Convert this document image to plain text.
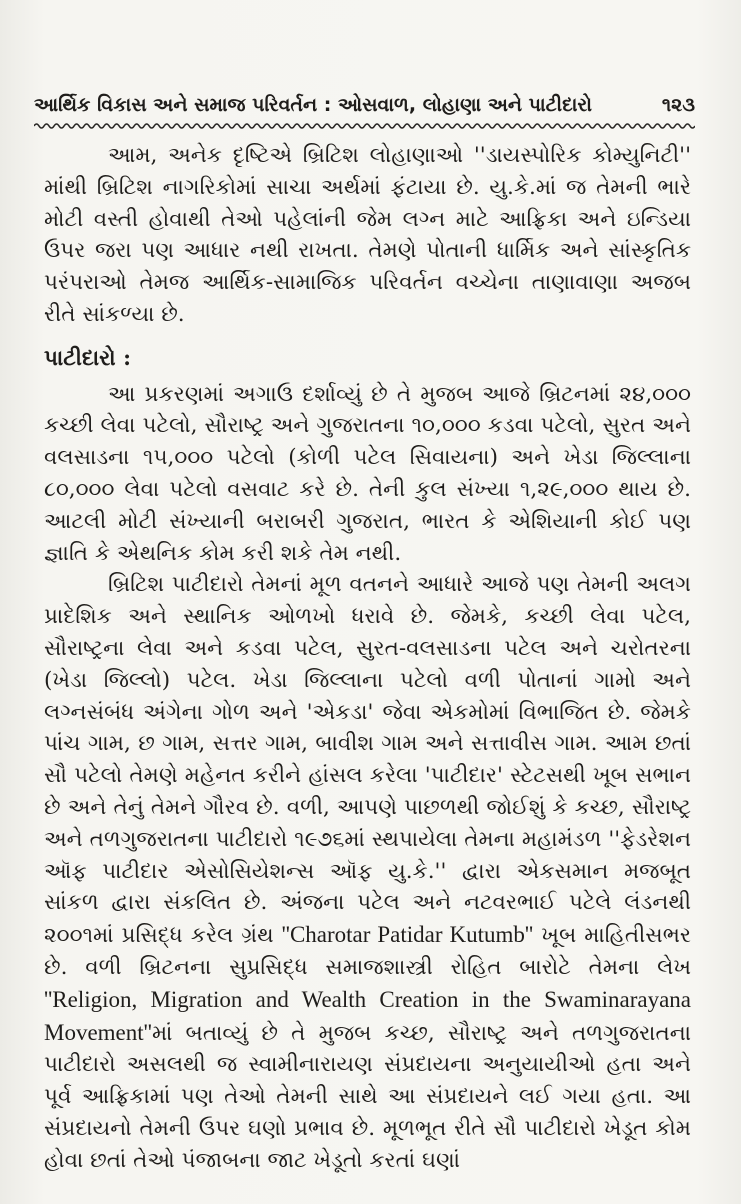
આર્થિક વિકાસ અને સમાજ પરિવર્તન : ઓસવાળ, લોહાણા અને પાટીદારો	૧૨૩

આમ, અનેક દૃષ્ટિએ બ્રિટિશ લોહાણાઓ ''ડાયસ્પોરિક કોમ્યુનિટી'' માંથી બ્રિટિશ નાગરિકોમાં સાચા અર્થમાં ફંટાયા છે. યુ.કે.માં જ તેમની ભારે મોટી વસ્તી હોવાથી તેઓ પહેલાંની જેમ લગ્ન માટે આફ્રિકા અને ઇન્ડિયા ઉપર જરા પણ આધાર નથી રાખતા. તેમણે પોતાની ધાર્મિક અને સાંસ્કૃતિક પરંપરાઓ તેમજ આર્થિક-સામાજિક પરિવર્તન વચ્ચેના તાણાવાણા અજબ રીતે સાંકળ્યા છે.

પાટીદારો :

આ પ્રકરણમાં અગાઉ દર્શાવ્યું છે તે મુજબ આજે બ્રિટનમાં ૨૪,૦૦૦ કચ્છી લેવા પટેલો, સૌરાષ્ટ્ર અને ગુજરાતના ૧૦,૦૦૦ કડવા પટેલો, સુરત અને વલસાડના ૧૫,૦૦૦ પટેલો (કોળી પટેલ સિવાયના) અને ખેડા જિલ્લાના ૮૦,૦૦૦ લેવા પટેલો વસવાટ કરે છે. તેની કુલ સંખ્યા ૧,૨૯,૦૦૦ થાય છે. આટલી મોટી સંખ્યાની બરાબરી ગુજરાત, ભારત કે એશિયાની કોઈ પણ જ્ઞાતિ કે એથનિક કોમ કરી શકે તેમ નથી.

બ્રિટિશ પાટીદારો તેમનાં મૂળ વતનને આધારે આજે પણ તેમની અલગ પ્રાદેશિક અને સ્થાનિક ઓળખો ધરાવે છે. જેમકે, કચ્છી લેવા પટેલ, સૌરાષ્ટ્રના લેવા અને કડવા પટેલ, સુરત-વલસાડના પટેલ અને ચરોતરના (ખેડા જિલ્લો) પટેલ. ખેડા જિલ્લાના પટેલો વળી પોતાનાં ગામો અને લગ્નસંબંધ અંગેના ગોળ અને 'એકડા' જેવા એકમોમાં વિભાજિત છે. જેમકે પાંચ ગામ, છ ગામ, સત્તર ગામ, બાવીશ ગામ અને સત્તાવીસ ગામ. આમ છતાં સૌ પટેલો તેમણે મહેનત કરીને હાંસલ કરેલા 'પાટીદાર' સ્ટેટસથી ખૂબ સભાન છે અને તેનું તેમને ગૌરવ છે. વળી, આપણે પાછળથી જોઈશું કે કચ્છ, સૌરાષ્ટ્ર અને તળગુજરાતના પાટીદારો ૧૯૭૬માં સ્થપાયેલા તેમના મહામંડળ ''ફેડરેશન ઑફ પાટીદાર એસોસિયેશન્સ ઑફ યુ.કે.'' દ્વારા એકસમાન મજબૂત સાંકળ દ્વારા સંકલિત છે. અંજના પટેલ અને નટવરભાઈ પટેલે લંડનથી ૨૦૦૧માં પ્રસિદ્ધ કરેલ ગ્રંથ ''Charotar Patidar Kutumb'' ખૂબ માહિતીસભર છે. વળી બ્રિટનના સુપ્રસિદ્ધ સમાજશાસ્ત્રી રોહિત બારોટે તેમના લેખ ''Religion, Migration and Wealth Creation in the Swaminarayana Movement''માં બતાવ્યું છે તે મુજબ કચ્છ, સૌરાષ્ટ્ર અને તળગુજરાતના પાટીદારો અસલથી જ સ્વામીનારાયણ સંપ્રદાયના અનુયાયીઓ હતા અને પૂર્વ આફ્રિકામાં પણ તેઓ તેમની સાથે આ સંપ્રદાયને લઈ ગયા હતા. આ સંપ્રદાયનો તેમની ઉપર ઘણો પ્રભાવ છે. મૂળભૂત રીતે સૌ પાટીદારો ખેડૂત કોમ હોવા છતાં તેઓ પંજાબના જાટ ખેડૂતો કરતાં ઘણાં
